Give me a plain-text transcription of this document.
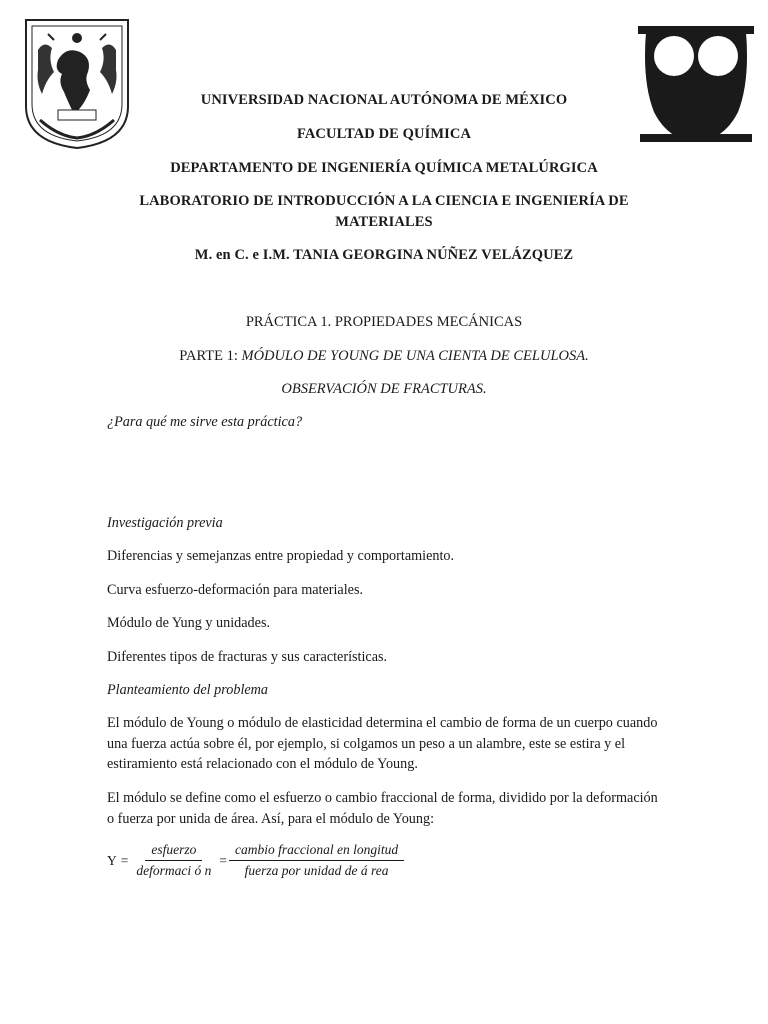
UNIVERSIDAD NACIONAL AUTÓNOMA DE MÉXICO
FACULTAD DE QUÍMICA
DEPARTAMENTO DE INGENIERÍA QUÍMICA METALÚRGICA
LABORATORIO DE INTRODUCCIÓN A LA CIENCIA E INGENIERÍA DE MATERIALES
M. en C. e I.M. TANIA GEORGINA NÚÑEZ VELÁZQUEZ
PRÁCTICA 1. PROPIEDADES MECÁNICAS
PARTE 1: MÓDULO DE YOUNG DE UNA CIENTA DE CELULOSA.
OBSERVACIÓN DE FRACTURAS.
¿Para qué me sirve esta práctica?
Investigación previa
Diferencias y semejanzas entre propiedad y comportamiento.
Curva esfuerzo-deformación para materiales.
Módulo de Yung y unidades.
Diferentes tipos de fracturas y sus características.
Planteamiento del problema
El módulo de Young o módulo de elasticidad determina el cambio de forma de un cuerpo cuando una fuerza actúa sobre él, por ejemplo, si colgamos un peso a un alambre, este se estira y el estiramiento está relacionado con el módulo de Young.
El módulo se define como el esfuerzo o cambio fraccional de forma, dividido por la deformación o fuerza por unida de área. Así, para el módulo de Young:
$Y = \frac{\text{esfuerzo}}{\text{deformaci ó n}} = \frac{\text{cambio fraccional en longitud}}{\text{fuerza por unidad de á rea}}$
